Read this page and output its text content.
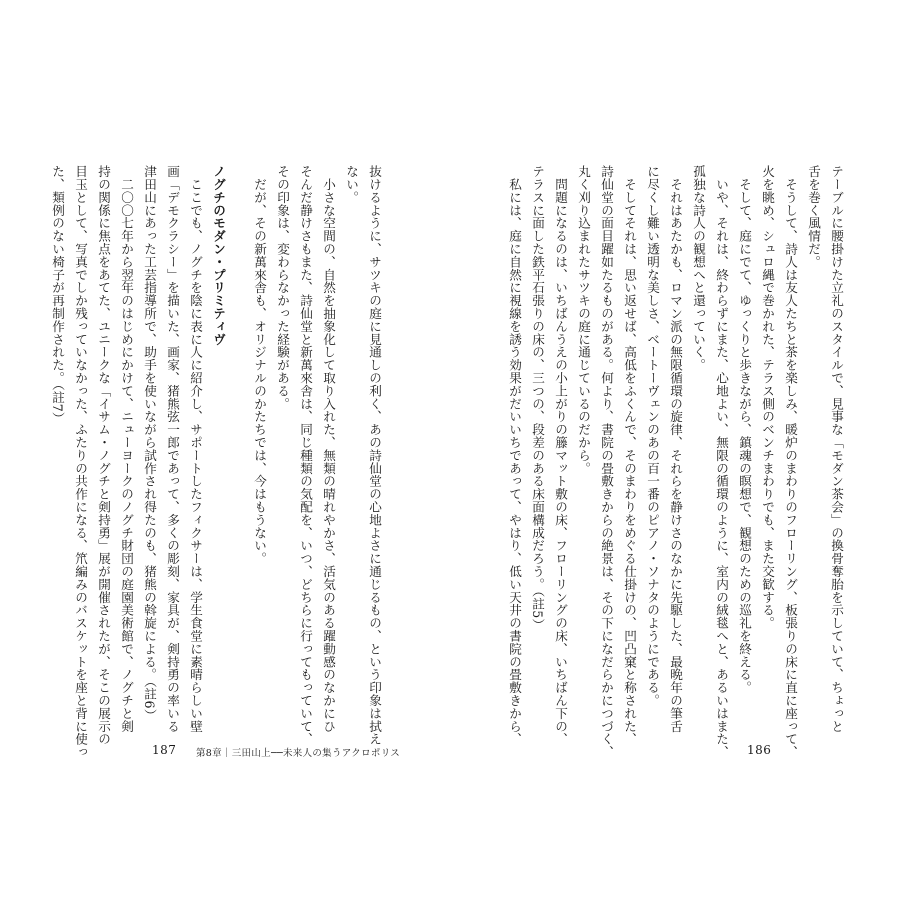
抜けるように、サツキの庭に見通しの利く、あの詩仙堂の心地よさに通じるもの、という印象は拭え
ない。
　小さな空間の、自然を抽象化して取り入れた、無類の晴れやかさ、活気のある躍動感のなかにひ
そんだ静けさもまた、詩仙堂と新萬來舎は、同じ種類の気配を、いつ、どちらに行ってもっていて、
その印象は、変わらなかった経験がある。
　だが、その新萬來舎も、オリジナルのかたちでは、今はもうない。
ノグチのモダン・プリミティヴ
　ここでも、ノグチを陰に表に人に紹介し、サポートしたフィクサーは、学生食堂に素晴らしい壁
画「デモクラシー」を描いた、画家、猪熊弦一郎であって、多くの彫刻、家具が、剣持勇の率いる
津田山にあった工芸指導所で、助手を使いながら試作され得たのも、猪熊の斡旋による。（註6）
　二〇〇七年から翌年のはじめにかけて、ニューヨークのノグチ財団の庭園美術館で、ノグチと剣
持の関係に焦点をあてた、ユニークな「イサム・ノグチと剣持勇」展が開催されたが、そこの展示の
目玉として、写真でしか残っていなかった、ふたりの共作になる、笊編みのバスケットを座と背に使っ
た、類例のない椅子が再制作された。（註7）
187 第8章｜三田山上──未来人の集うアクロポリス
テーブルに腰掛けた立礼のスタイルで、見事な「モダン茶会」の換骨奪胎を示していて、ちょっと
舌を巻く風情だ。
　そうして、詩人は友人たちと茶を楽しみ、暖炉のまわりのフローリング、板張りの床に直に座って、
火を眺め、シュロ縄で巻かれた、テラス側のベンチまわりでも、また交歓する。
　そして、庭にでて、ゆっくりと歩きながら、鎮魂の瞑想で、観想のための巡礼を終える。
　いや、それは、終わらずにまた、心地よい、無限の循環のように、室内の絨毯へと、あるいはまた、
孤独な詩人の観想へと還っていく。
　それはあたかも、ロマン派の無限循環の旋律、それらを静けさのなかに先駆した、最晩年の筆舌
に尽くし難い透明な美しさ、ベートーヴェンのあの百一番のピアノ・ソナタのようにである。
　そしてそれは、思い返せば、高低をふくんで、そのまわりをめぐる仕掛けの、凹凸窠と称された、
詩仙堂の面目躍如たるものがある。何より、書院の畳敷きからの絶景は、その下になだらかにつづく、
丸く刈り込まれたサツキの庭に通じているのだから。
　問題になるのは、いちばんうえの小上がりの籐マット敷の床、フローリングの床、いちばん下の、
テラスに面した鉄平石張りの床の、三つの、段差のある床面構成だろう。（註5）
　私には、庭に自然に視線を誘う効果がだいいちであって、やはり、低い天井の書院の畳敷きから、
186
